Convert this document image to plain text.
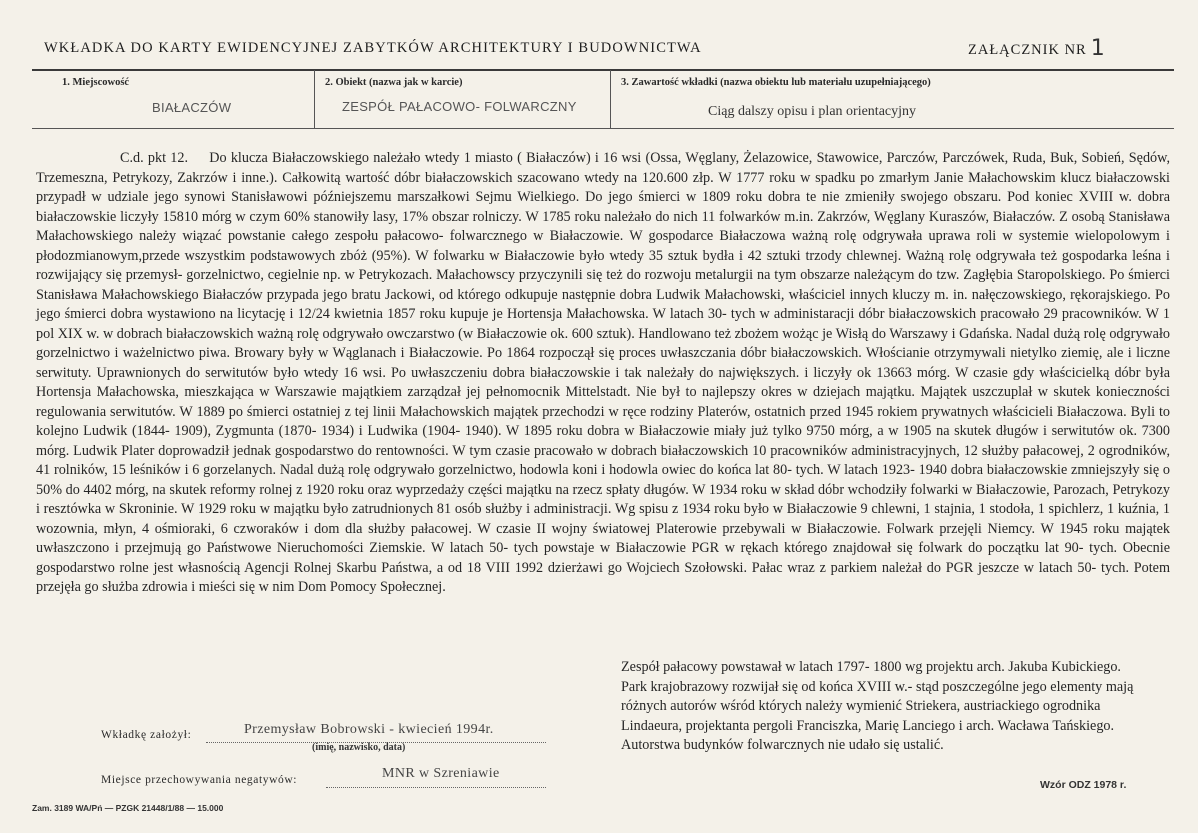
WKŁADKA DO KARTY EWIDENCYJNEJ ZABYTKÓW ARCHITEKTURY I BUDOWNICTWA	ZAŁĄCZNIK NR 1
1. Miejscowość
BIAŁACZÓW
2. Obiekt (nazwa jak w karcie)
ZESPÓŁ PAŁACOWO- FOLWARCZNY
3. Zawartość wkładki (nazwa obiektu lub materiału uzupełniającego)
Ciąg dalszy opisu i plan orientacyjny
C.d. pkt 12. Do klucza Białaczowskiego należało wtedy 1 miasto ( Białaczów) i 16 wsi (Ossa, Węglany, Żelazowice, Stawowice, Parczów, Parczówek, Ruda, Buk, Sobień, Sędów, Trzemeszna, Petrykozy, Zakrzów i inne.). Całkowitą wartość dóbr białaczowskich szacowano wtedy na 120.600 złp. W 1777 roku w spadku po zmarłym Janie Małachowskim klucz białaczowski przypadł w udziale jego synowi Stanisławowi późniejszemu marszałkowi Sejmu Wielkiego. Do jego śmierci w 1809 roku dobra te nie zmieniły swojego obszaru. Pod koniec XVIII w. dobra białaczowskie liczyły 15810 mórg w czym 60% stanowiły lasy, 17% obszar rolniczy. W 1785 roku należało do nich 11 folwarków m.in. Zakrzów, Węglany Kuraszów, Białaczów. Z osobą Stanisława Małachowskiego należy wiązać powstanie całego zespołu pałacowo- folwarcznego w Białaczowie. W gospodarce Białaczowa ważną rolę odgrywała uprawa roli w systemie wielopolowym i płodozmianowym,przede wszystkim podstawowych zbóż (95%). W folwarku w Białaczowie było wtedy 35 sztuk bydła i 42 sztuki trzody chlewnej. Ważną rolę odgrywała też gospodarka leśna i rozwijający się przemysł- gorzelnictwo, cegielnie np. w Petrykozach. Małachowscy przyczynili się też do rozwoju metalurgii na tym obszarze należącym do tzw. Zagłębia Staropolskiego. Po śmierci Stanisława Małachowskiego Białaczów przypada jego bratu Jackowi, od którego odkupuje następnie dobra Ludwik Małachowski, właściciel innych kluczy m. in. nałęczowskiego, rękorajskiego. Po jego śmierci dobra wystawiono na licytację i 12/24 kwietnia 1857 roku kupuje je Hortensja Małachowska. W latach 30- tych w administaracji dóbr białaczowskich pracowało 29 pracowników. W 1 pol XIX w. w dobrach białaczowskich ważną rolę odgrywało owczarstwo (w Białaczowie ok. 600 sztuk). Handlowano też zbożem wożąc je Wisłą do Warszawy i Gdańska. Nadal dużą rolę odgrywało gorzelnictwo i ważelnictwo piwa. Browary były w Wąglanach i Białaczowie. Po 1864 rozpoczął się proces uwłaszczania dóbr białaczowskich. Włościanie otrzymywali nietylko ziemię, ale i liczne serwituty. Uprawnionych do serwitutów było wtedy 16 wsi. Po uwłaszczeniu dobra białaczowskie i tak należały do największych. i liczyły ok 13663 mórg. W czasie gdy właścicielką dóbr była Hortensja Małachowska, mieszkająca w Warszawie majątkiem zarządzał jej pełnomocnik Mittelstadt. Nie był to najlepszy okres w dziejach majątku. Majątek uszczuplał w skutek konieczności regulowania serwitutów. W 1889 po śmierci ostatniej z tej linii Małachowskich majątek przechodzi w ręce rodziny Platerów, ostatnich przed 1945 rokiem prywatnych właścicieli Białaczowa. Byli to kolejno Ludwik (1844- 1909), Zygmunta (1870- 1934) i Ludwika (1904- 1940). W 1895 roku dobra w Białaczowie miały już tylko 9750 mórg, a w 1905 na skutek długów i serwitutów ok. 7300 mórg. Ludwik Plater doprowadził jednak gospodarstwo do rentowności. W tym czasie pracowało w dobrach białaczowskich 10 pracowników administracyjnych, 12 służby pałacowej, 2 ogrodników, 41 rolników, 15 leśników i 6 gorzelanych. Nadal dużą rolę odgrywało gorzelnictwo, hodowla koni i hodowla owiec do końca lat 80- tych. W latach 1923- 1940 dobra białaczowskie zmniejszyły się o 50% do 4402 mórg, na skutek reformy rolnej z 1920 roku oraz wyprzedaży części majątku na rzecz spłaty długów. W 1934 roku w skład dóbr wchodziły folwarki w Białaczowie, Parozach, Petrykozy i resztówka w Skroninie. W 1929 roku w majątku było zatrudnionych 81 osób służby i administracji. Wg spisu z 1934 roku było w Białaczowie 9 chlewni, 1 stajnia, 1 stodoła, 1 spichlerz, 1 kuźnia, 1 wozownia, młyn, 4 ośmioraki, 6 czworaków i dom dla służby pałacowej. W czasie II wojny światowej Platerowie przebywali w Białaczowie. Folwark przejęli Niemcy. W 1945 roku majątek uwłaszczono i przejmują go Państwowe Nieruchomości Ziemskie. W latach 50- tych powstaje w Białaczowie PGR w rękach którego znajdował się folwark do początku lat 90- tych. Obecnie gospodarstwo rolne jest własnością Agencji Rolnej Skarbu Państwa, a od 18 VIII 1992 dzierżawi go Wojciech Szołowski. Pałac wraz z parkiem należał do PGR jeszcze w latach 50- tych. Potem przejęła go służba zdrowia i mieści się w nim Dom Pomocy Społecznej.
Zespół pałacowy powstawał w latach 1797- 1800 wg projektu arch. Jakuba Kubickiego. Park krajobrazowy rozwijał się od końca XVIII w.- stąd poszczególne jego elementy mają różnych autorów wśród których należy wymienić Striekera, austriackiego ogrodnika Lindaeura, projektanta pergoli Franciszka, Marię Lanciego i arch. Wacława Tańskiego. Autorstwa budynków folwarcznych nie udało się ustalić.
Wzór ODZ 1978 r.
Wkładkę założył:	Przemysław Bobrowski - kwiecień 1994r.
(imię, nazwisko, data)
Miejsce przechowywania negatywów:	MNR w Szreniawie
Zam. 3189 WA/Pń — PZGK 21448/1/88 — 15.000
